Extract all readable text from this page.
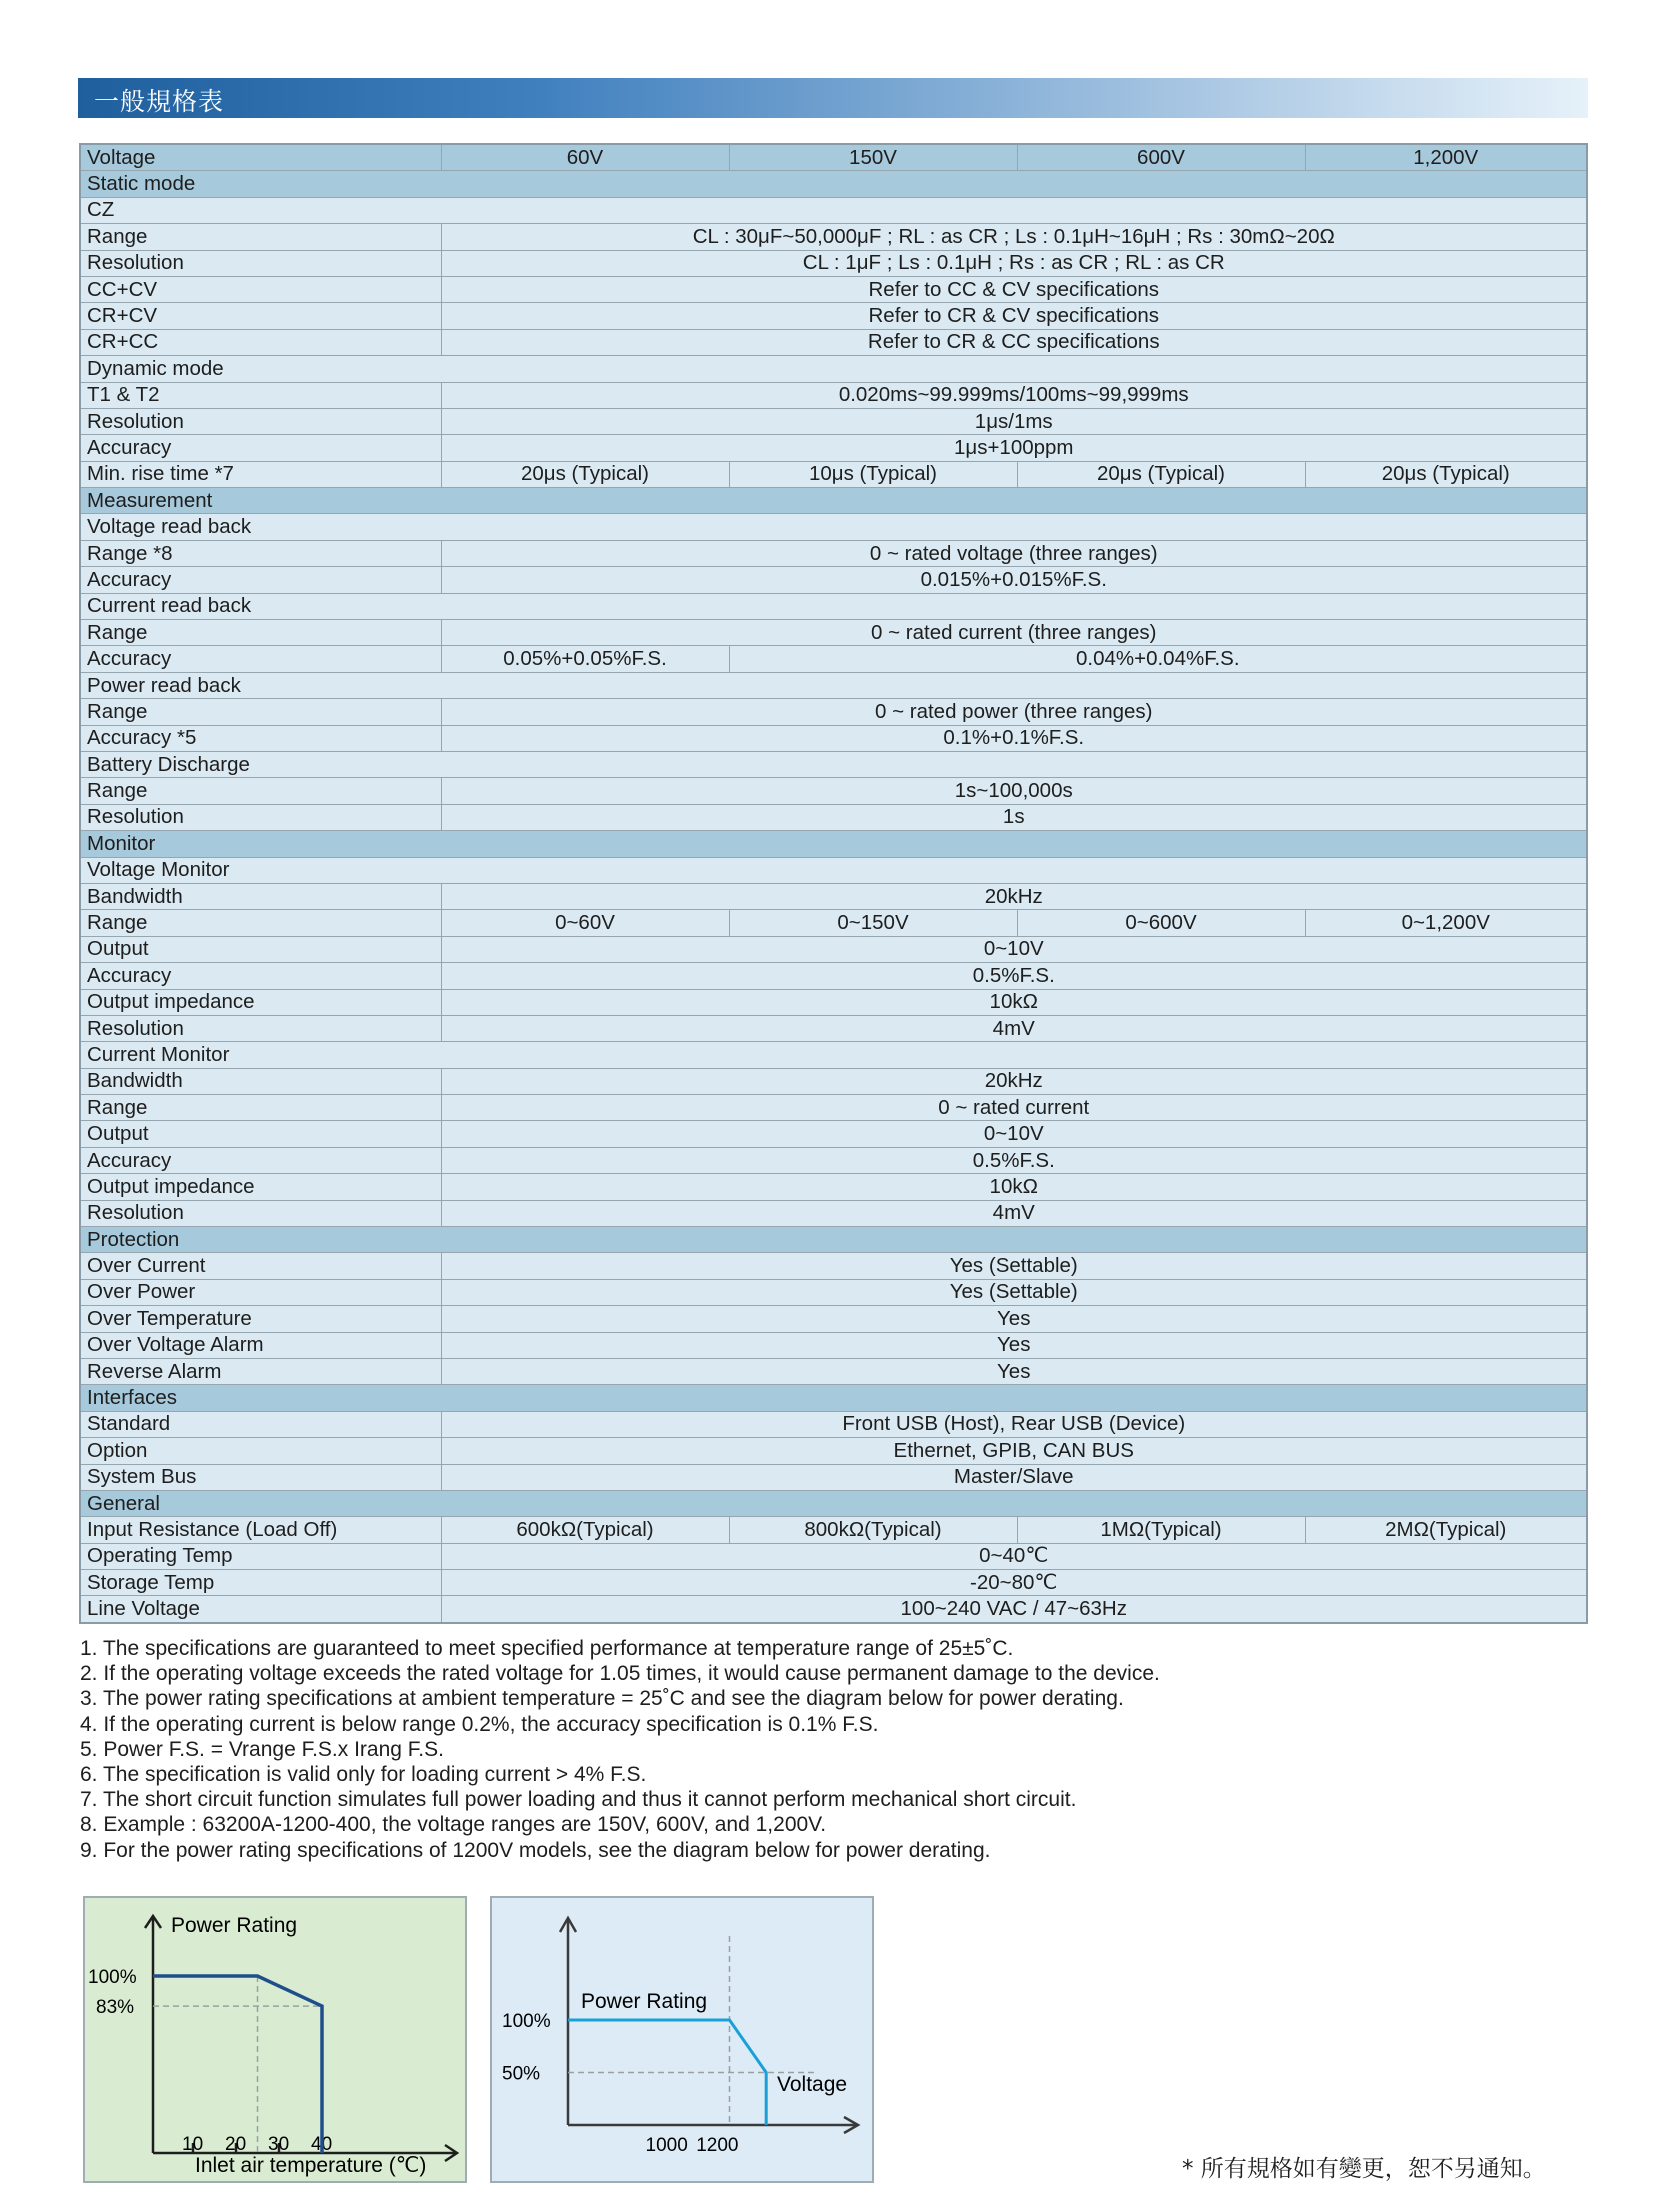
一般規格表
Voltage	60V	150V	600V	1,200V
Static mode				
CZ				
Range	CL : 30μF~50,000μF ; RL : as CR ; Ls : 0.1μH~16μH ; Rs : 30mΩ~20Ω			
Resolution	CL : 1μF ; Ls : 0.1μH ; Rs : as CR ; RL : as CR			
CC+CV	Refer to CC & CV specifications			
CR+CV	Refer to CR & CV specifications			
CR+CC	Refer to CR & CC specifications			
Dynamic mode				
T1 & T2	0.020ms~99.999ms/100ms~99,999ms			
Resolution	1μs/1ms			
Accuracy	1μs+100ppm			
Min. rise time *7	20μs (Typical)	10μs (Typical)	20μs (Typical)	20μs (Typical)
Measurement				
Voltage read back				
Range *8	0 ~ rated voltage (three ranges)			
Accuracy	0.015%+0.015%F.S.			
Current read back				
Range	0 ~ rated current (three ranges)			
Accuracy	0.05%+0.05%F.S.	0.04%+0.04%F.S.		
Power read back				
Range	0 ~ rated power (three ranges)			
Accuracy *5	0.1%+0.1%F.S.			
Battery Discharge				
Range	1s~100,000s			
Resolution	1s			
Monitor				
Voltage Monitor				
Bandwidth	20kHz			
Range	0~60V	0~150V	0~600V	0~1,200V
Output	0~10V			
Accuracy	0.5%F.S.			
Output impedance	10kΩ			
Resolution	4mV			
Current Monitor				
Bandwidth	20kHz			
Range	0 ~ rated current			
Output	0~10V			
Accuracy	0.5%F.S.			
Output impedance	10kΩ			
Resolution	4mV			
Protection				
Over Current	Yes (Settable)			
Over Power	Yes (Settable)			
Over Temperature	Yes			
Over Voltage Alarm	Yes			
Reverse Alarm	Yes			
Interfaces				
Standard	Front USB (Host), Rear USB (Device)			
Option	Ethernet, GPIB, CAN BUS			
System Bus	Master/Slave			
General				
Input Resistance (Load Off)	600kΩ(Typical)	800kΩ(Typical)	1MΩ(Typical)	2MΩ(Typical)
Operating Temp	0~40℃			
Storage Temp	-20~80℃			
Line Voltage	100~240 VAC / 47~63Hz			
1. The specifications are guaranteed to meet specified performance at temperature range of 25±5˚C.
2. If the operating voltage exceeds the rated voltage for 1.05 times, it would cause permanent damage to the device.
3. The power rating specifications at ambient temperature = 25˚C and see the diagram below for power derating.
4. If the operating current is below range 0.2%, the accuracy specification is 0.1% F.S.
5. Power F.S. = Vrange F.S.x Irang F.S.
6. The specification is valid only for loading current > 4% F.S.
7. The short circuit function simulates full power loading and thus it cannot perform mechanical short circuit.
8. Example : 63200A-1200-400, the voltage ranges are 150V, 600V, and 1,200V.
9. For the power rating specifications of 1200V models, see the diagram below for power derating.
10 20 30 40
100%
83%
Power Rating
Inlet air temperature (℃)
1000 1200
100%
50%
Power Rating
Voltage
* 所有規格如有變更，恕不另通知。
